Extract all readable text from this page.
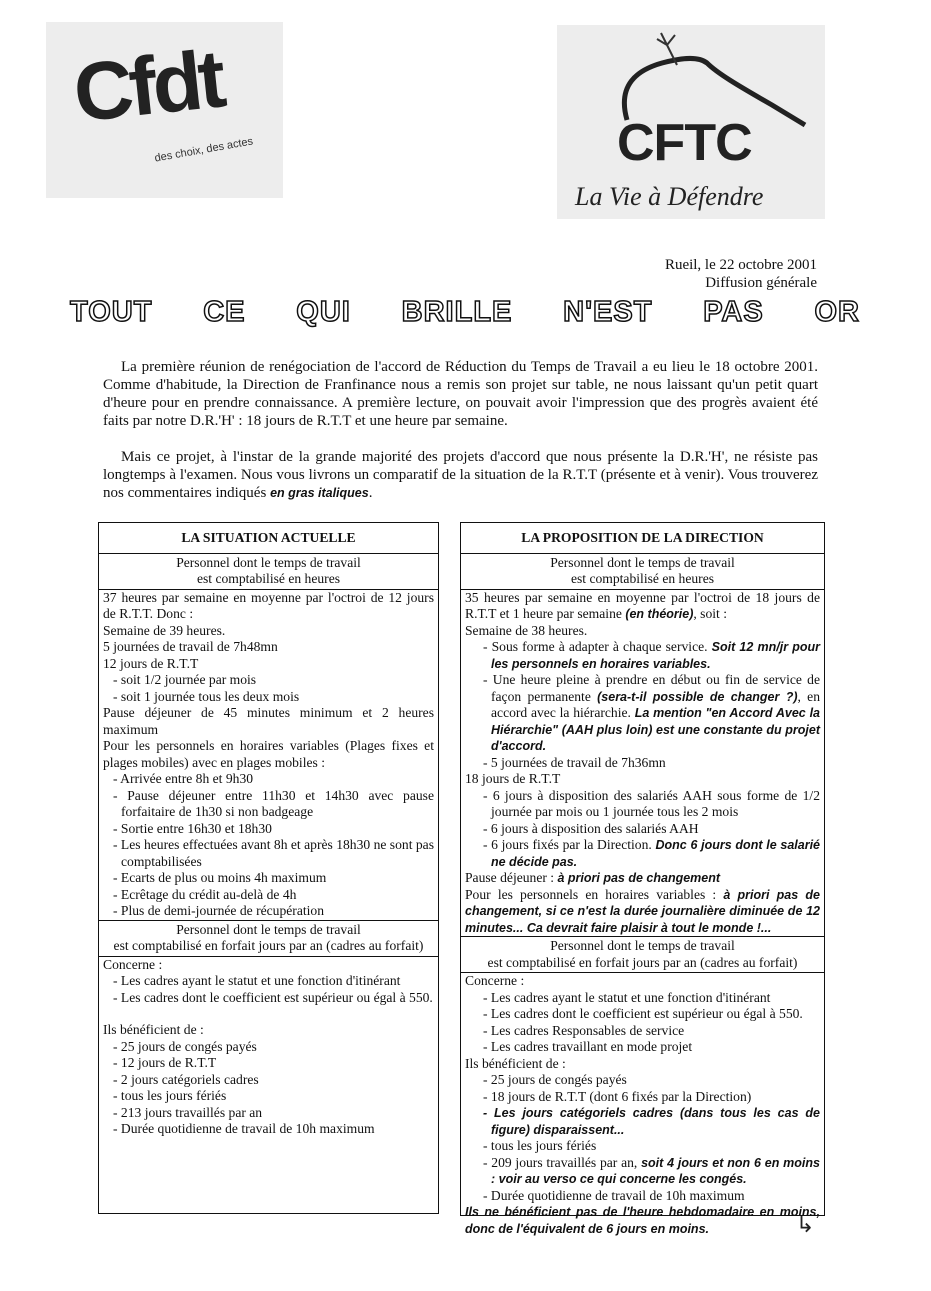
Cfdt
des choix, des actes	CFTC
La Vie à Défendre
Rueil, le 22 octobre 2001
Diffusion générale
TOUT CE QUI BRILLE N'EST PAS OR

La première réunion de renégociation de l'accord de Réduction du Temps de Travail a eu lieu le 18 octobre 2001. Comme d'habitude, la Direction de Franfinance nous a remis son projet sur table, ne nous laissant qu'un petit quart d'heure pour en prendre connaissance. A première lecture, on pouvait avoir l'impression que des progrès avaient été faits par notre D.R.'H' : 18 jours de R.T.T et une heure par semaine.

Mais ce projet, à l'instar de la grande majorité des projets d'accord que nous présente la D.R.'H', ne résiste pas longtemps à l'examen. Nous vous livrons un comparatif de la situation de la R.T.T (présente et à venir). Vous trouverez nos commentaires indiqués en gras italiques.

LA SITUATION ACTUELLE
Personnel dont le temps de travail
est comptabilisé en heures
37 heures par semaine en moyenne par l'octroi de 12 jours de R.T.T. Donc :
Semaine de 39 heures.
5 journées de travail de 7h48mn
12 jours de R.T.T
- soit 1/2 journée par mois
- soit 1 journée tous les deux mois
Pause déjeuner de 45 minutes minimum et 2 heures maximum
Pour les personnels en horaires variables (Plages fixes et plages mobiles) avec en plages mobiles :
- Arrivée entre 8h et 9h30
- Pause déjeuner entre 11h30 et 14h30 avec pause forfaitaire de 1h30 si non badgeage
- Sortie entre 16h30 et 18h30
- Les heures effectuées avant 8h et après 18h30 ne sont pas comptabilisées
- Ecarts de plus ou moins 4h maximum
- Ecrêtage du crédit au-delà de 4h
- Plus de demi-journée de récupération
Personnel dont le temps de travail
est comptabilisé en forfait jours par an (cadres au forfait)
Concerne :
- Les cadres ayant le statut et une fonction d'itinérant
- Les cadres dont le coefficient est supérieur ou égal à 550.
Ils bénéficient de :
- 25 jours de congés payés
- 12 jours de R.T.T
- 2 jours catégoriels cadres
- tous les jours fériés
- 213 jours travaillés par an
- Durée quotidienne de travail de 10h maximum
LA PROPOSITION DE LA DIRECTION
Personnel dont le temps de travail
est comptabilisé en heures
35 heures par semaine en moyenne par l'octroi de 18 jours de R.T.T et 1 heure par semaine (en théorie), soit :
Semaine de 38 heures.
- Sous forme à adapter à chaque service. Soit 12 mn/jr pour les personnels en horaires variables.
- Une heure pleine à prendre en début ou fin de service de façon permanente (sera-t-il possible de changer ?), en accord avec la hiérarchie. La mention "en Accord Avec la Hiérarchie" (AAH plus loin) est une constante du projet d'accord.
- 5 journées de travail de 7h36mn
18 jours de R.T.T
- 6 jours à disposition des salariés AAH sous forme de 1/2 journée par mois ou 1 journée tous les 2 mois
- 6 jours à disposition des salariés AAH
- 6 jours fixés par la Direction. Donc 6 jours dont le salarié ne décide pas.
Pause déjeuner : à priori pas de changement
Pour les personnels en horaires variables : à priori pas de changement, si ce n'est la durée journalière diminuée de 12 minutes... Ca devrait faire plaisir à tout le monde !...
Personnel dont le temps de travail
est comptabilisé en forfait jours par an (cadres au forfait)
Concerne :
- Les cadres ayant le statut et une fonction d'itinérant
- Les cadres dont le coefficient est supérieur ou égal à 550.
- Les cadres Responsables de service
- Les cadres travaillant en mode projet
Ils bénéficient de :
- 25 jours de congés payés
- 18 jours de R.T.T (dont 6 fixés par la Direction)
- Les jours catégoriels cadres (dans tous les cas de figure) disparaissent...
- tous les jours fériés
- 209 jours travaillés par an, soit 4 jours et non 6 en moins : voir au verso ce qui concerne les congés.
- Durée quotidienne de travail de 10h maximum
Ils ne bénéficient pas de l'heure hebdomadaire en moins, donc de l'équivalent de 6 jours en moins.	↳
